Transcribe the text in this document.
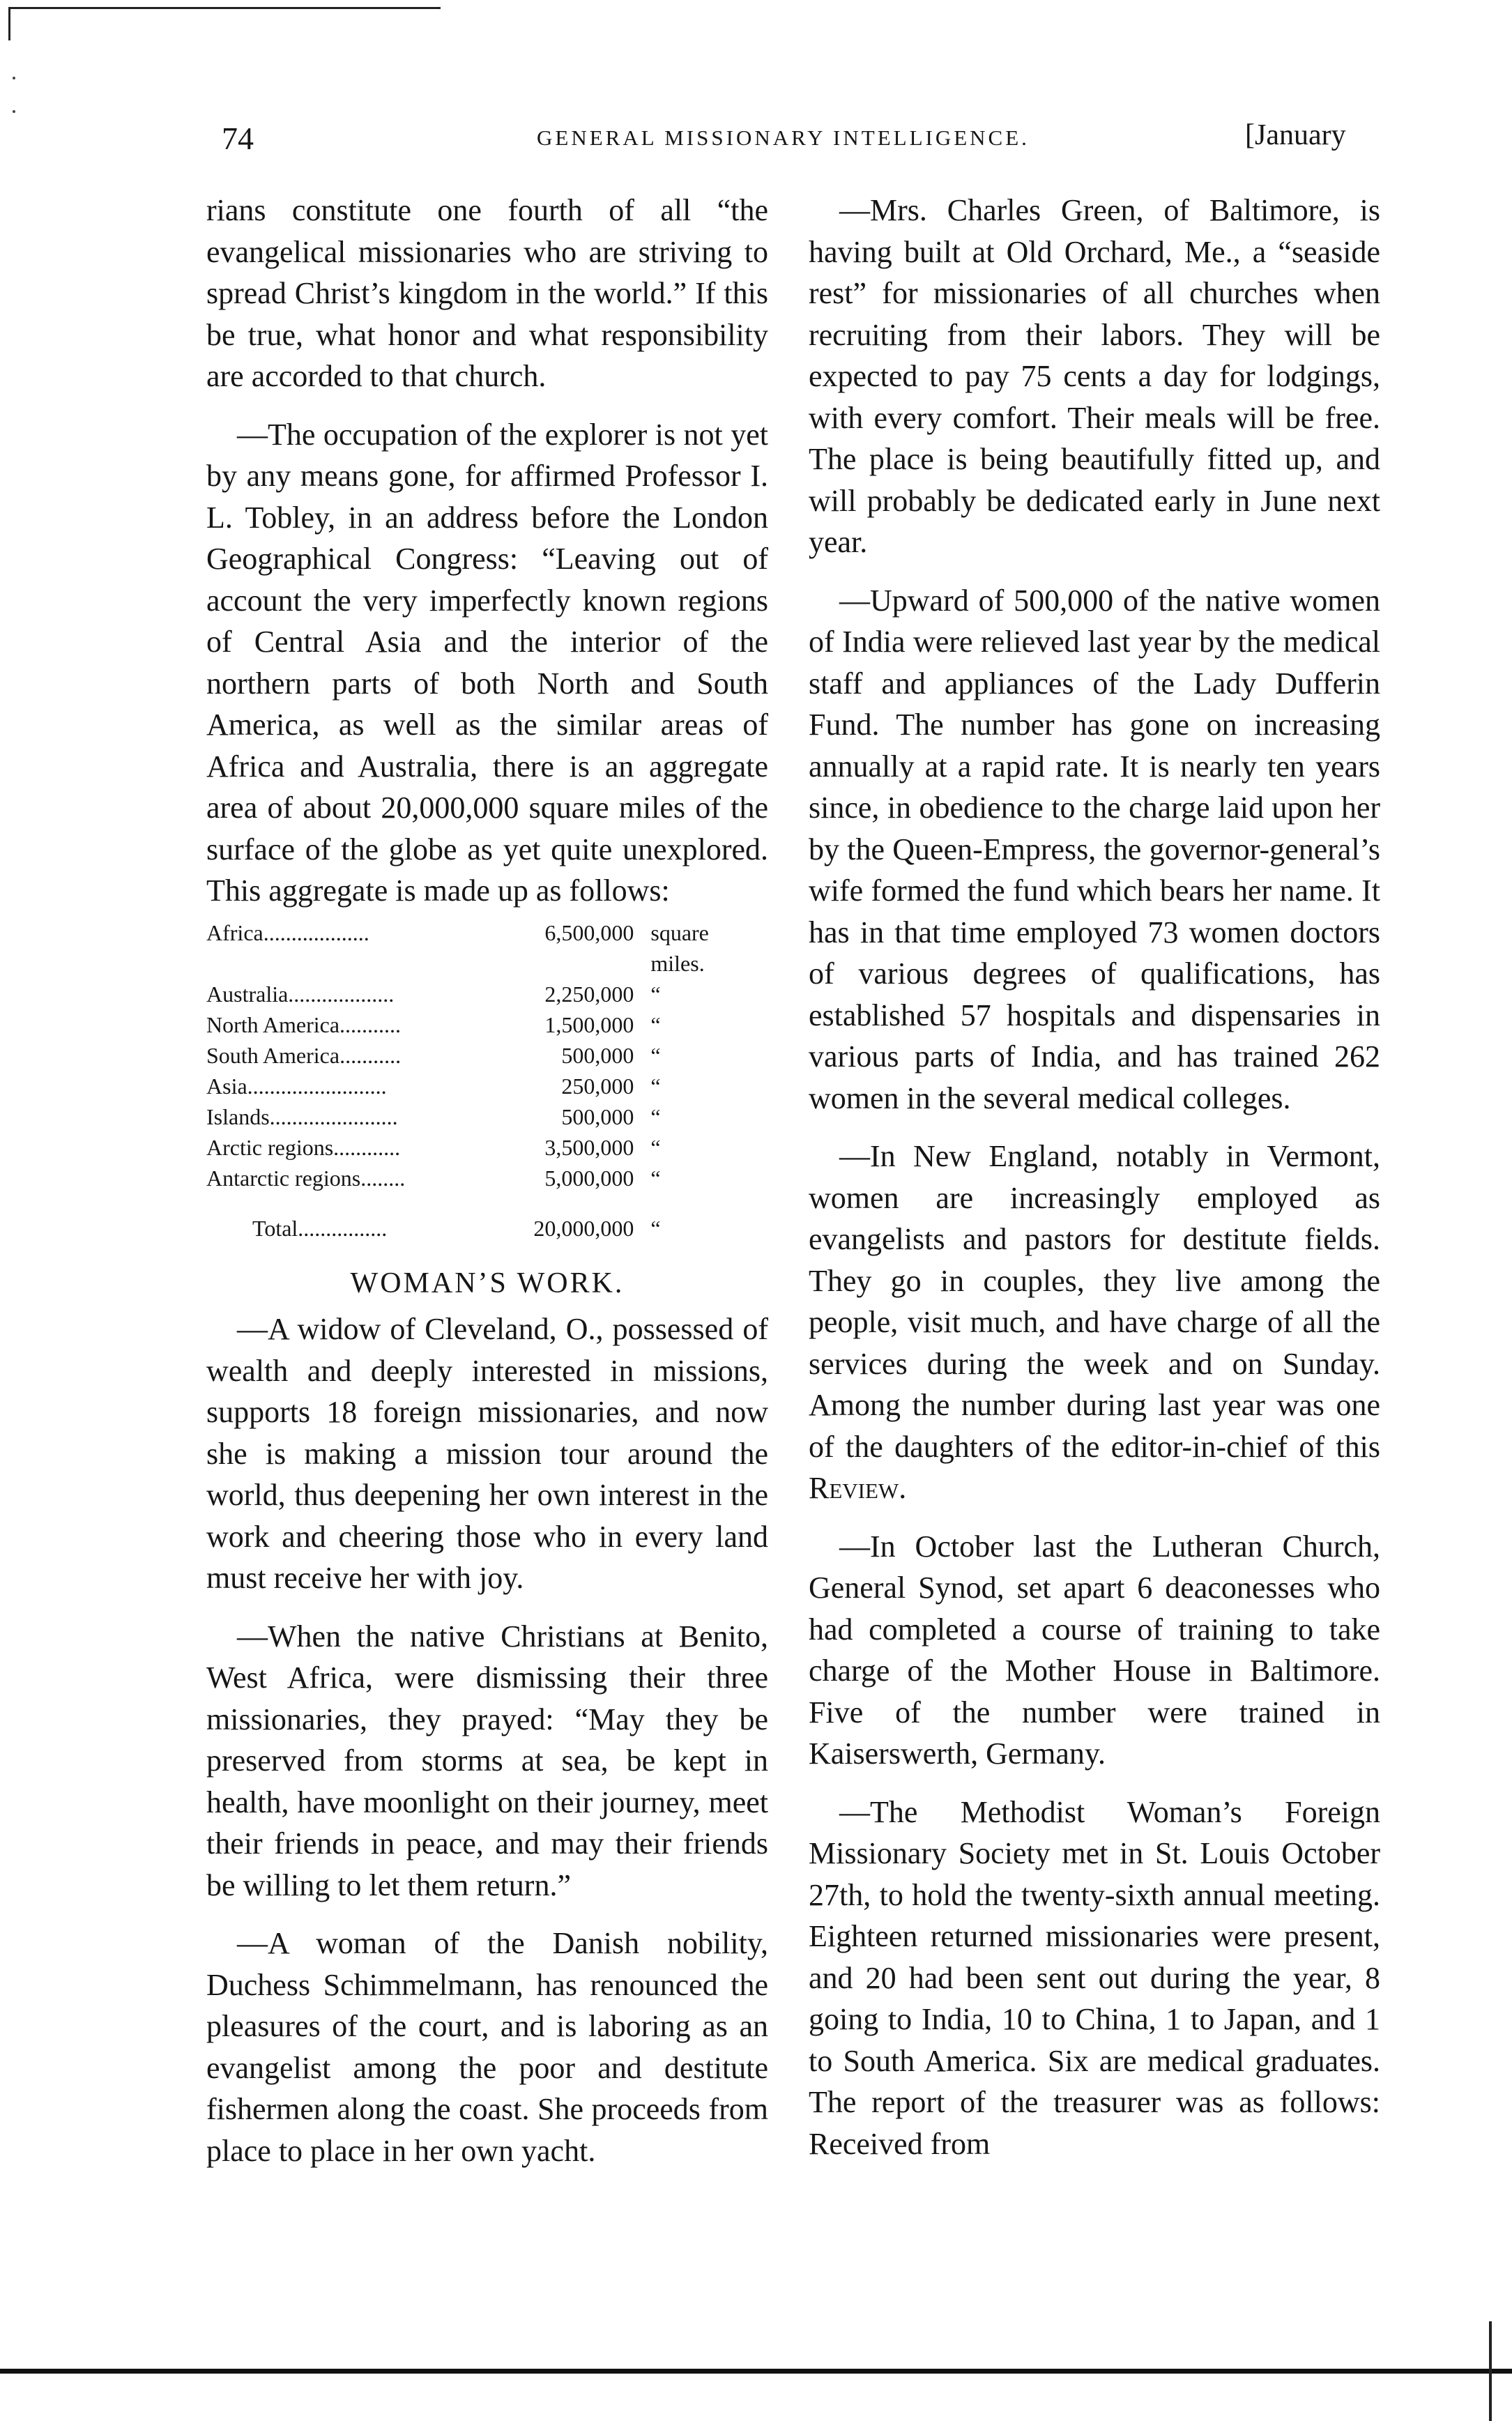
74	GENERAL MISSIONARY INTELLIGENCE.	[January

rians constitute one fourth of all “the evangelical missionaries who are striving to spread Christ’s kingdom in the world.” If this be true, what honor and what responsibility are accorded to that church.

—The occupation of the explorer is not yet by any means gone, for affirmed Professor I. L. Tobley, in an address before the London Geographical Congress: “Leaving out of account the very imperfectly known regions of Central Asia and the interior of the northern parts of both North and South America, as well as the similar areas of Africa and Australia, there is an aggregate area of about 20,000,000 square miles of the surface of the globe as yet quite unexplored. This aggregate is made up as follows:

Africa...................	6,500,000	square miles.
Australia...................	2,250,000	“
North America...........	1,500,000	“
South America...........	500,000	“
Asia.........................	250,000	“
Islands.......................	500,000	“
Arctic regions............	3,500,000	“
Antarctic regions........	5,000,000	“
Total................	20,000,000	“
WOMAN’S WORK.

—A widow of Cleveland, O., possessed of wealth and deeply interested in missions, supports 18 foreign missionaries, and now she is making a mission tour around the world, thus deepening her own interest in the work and cheering those who in every land must receive her with joy.

—When the native Christians at Benito, West Africa, were dismissing their three missionaries, they prayed: “May they be preserved from storms at sea, be kept in health, have moonlight on their journey, meet their friends in peace, and may their friends be willing to let them return.”

—A woman of the Danish nobility, Duchess Schimmelmann, has renounced the pleasures of the court, and is laboring as an evangelist among the poor and destitute fishermen along the coast. She proceeds from place to place in her own yacht.

—Mrs. Charles Green, of Baltimore, is having built at Old Orchard, Me., a “seaside rest” for missionaries of all churches when recruiting from their labors. They will be expected to pay 75 cents a day for lodgings, with every comfort. Their meals will be free. The place is being beautifully fitted up, and will probably be dedicated early in June next year.

—Upward of 500,000 of the native women of India were relieved last year by the medical staff and appliances of the Lady Dufferin Fund. The number has gone on increasing annually at a rapid rate. It is nearly ten years since, in obedience to the charge laid upon her by the Queen-Empress, the governor-general’s wife formed the fund which bears her name. It has in that time employed 73 women doctors of various degrees of qualifications, has established 57 hospitals and dispensaries in various parts of India, and has trained 262 women in the several medical colleges.

—In New England, notably in Vermont, women are increasingly employed as evangelists and pastors for destitute fields. They go in couples, they live among the people, visit much, and have charge of all the services during the week and on Sunday. Among the number during last year was one of the daughters of the editor-in-chief of this Review.

—In October last the Lutheran Church, General Synod, set apart 6 deaconesses who had completed a course of training to take charge of the Mother House in Baltimore. Five of the number were trained in Kaiserswerth, Germany.

—The Methodist Woman’s Foreign Missionary Society met in St. Louis October 27th, to hold the twenty-sixth annual meeting. Eighteen returned missionaries were present, and 20 had been sent out during the year, 8 going to India, 10 to China, 1 to Japan, and 1 to South America. Six are medical graduates. The report of the treasurer was as follows: Received from
